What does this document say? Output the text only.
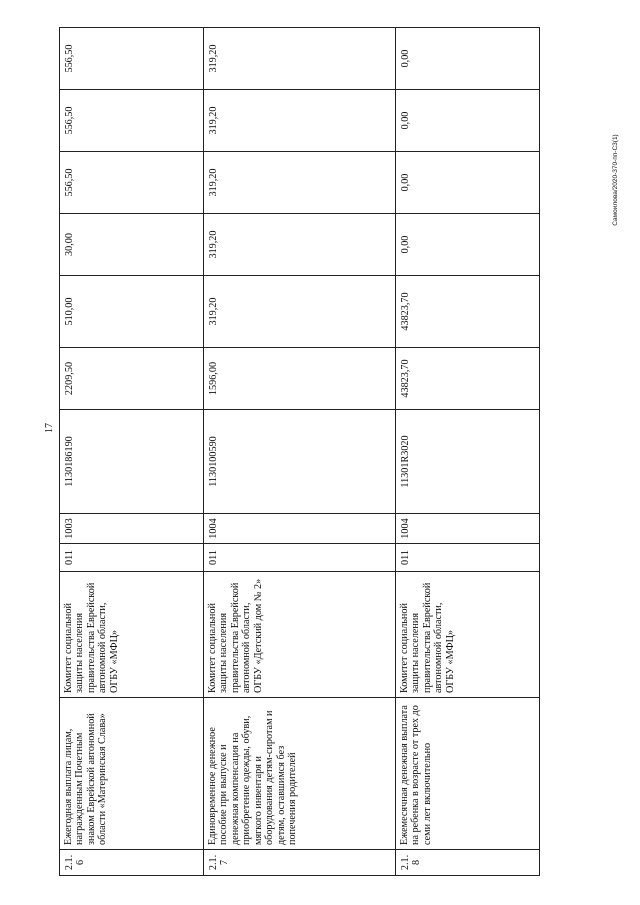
17
Самоилова/2020-370-пп-С3(1)
2.1.6	Ежегодная выплата лицам, награжденным Почетным знаком Еврейской автономной области «Материнская Слава»	Комитет социальной защиты населения правительства Еврейской автономной области, ОГБУ «МФЦ»	011	1003	1130186190	2209,50	510,00	30,00	556,50	556,50	556,50
2.1.7	Единовременное денежное пособие при выпуске и денежная компенсация на приобретение одежды, обуви, мягкого инвентаря и оборудования детям-сиротам и детям, оставшимся без попечения родителей	Комитет социальной защиты населения правительства Еврейской автономной области, ОГБУ «Детский дом № 2»	011	1004	1130100590	1596,00	319,20	319,20	319,20	319,20	319,20
2.1.8	Ежемесячная денежная выплата на ребенка в возрасте от трех до семи лет включительно	Комитет социальной защиты населения правительства Еврейской автономной области, ОГБУ «МФЦ»	011	1004	11301R3020	43823,70	43823,70	0,00	0,00	0,00	0,00
